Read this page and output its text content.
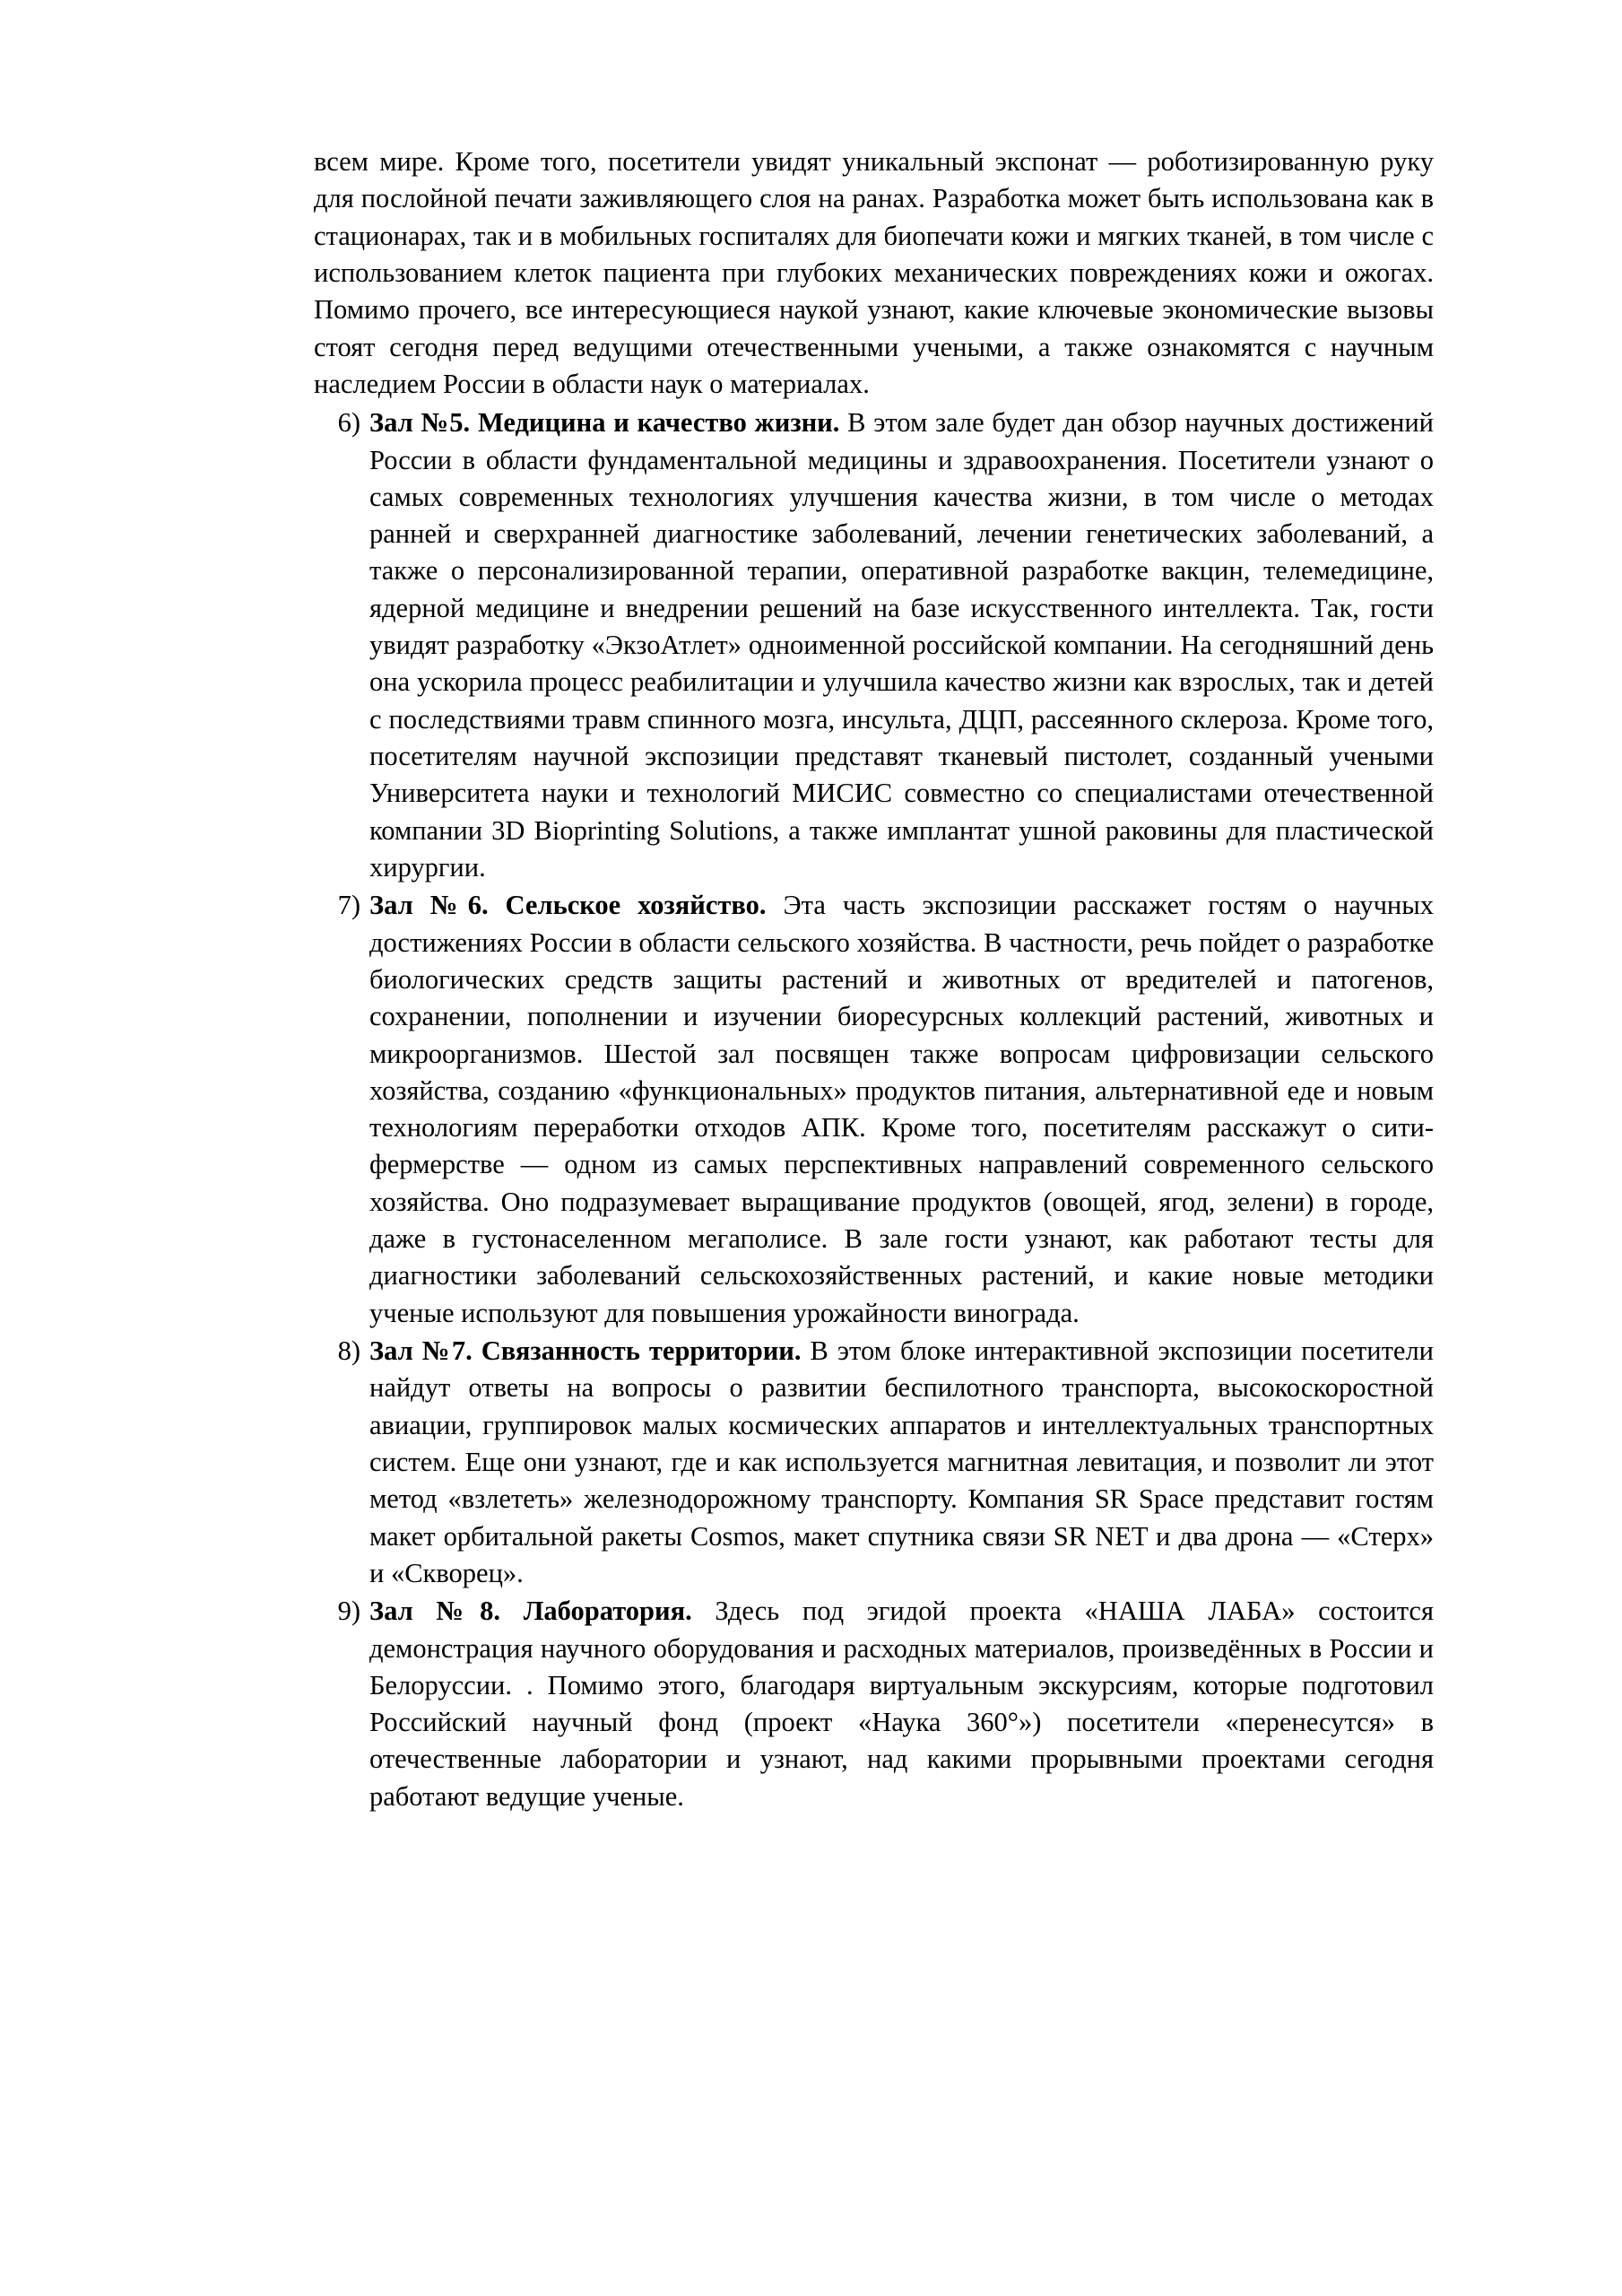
всем мире. Кроме того, посетители увидят уникальный экспонат — роботизированную руку для послойной печати заживляющего слоя на ранах. Разработка может быть использована как в стационарах, так и в мобильных госпиталях для биопечати кожи и мягких тканей, в том числе с использованием клеток пациента при глубоких механических повреждениях кожи и ожогах. Помимо прочего, все интересующиеся наукой узнают, какие ключевые экономические вызовы стоят сегодня перед ведущими отечественными учеными, а также ознакомятся с научным наследием России в области наук о материалах.

6) Зал №5. Медицина и качество жизни. В этом зале будет дан обзор научных достижений России в области фундаментальной медицины и здравоохранения. Посетители узнают о самых современных технологиях улучшения качества жизни, в том числе о методах ранней и сверхранней диагностике заболеваний, лечении генетических заболеваний, а также о персонализированной терапии, оперативной разработке вакцин, телемедицине, ядерной медицине и внедрении решений на базе искусственного интеллекта. Так, гости увидят разработку «ЭкзоАтлет» одноименной российской компании. На сегодняшний день она ускорила процесс реабилитации и улучшила качество жизни как взрослых, так и детей с последствиями травм спинного мозга, инсульта, ДЦП, рассеянного склероза. Кроме того, посетителям научной экспозиции представят тканевый пистолет, созданный учеными Университета науки и технологий МИСИС совместно со специалистами отечественной компании 3D Bioprinting Solutions, а также имплантат ушной раковины для пластической хирургии.
7) Зал №6. Сельское хозяйство. Эта часть экспозиции расскажет гостям о научных достижениях России в области сельского хозяйства. В частности, речь пойдет о разработке биологических средств защиты растений и животных от вредителей и патогенов, сохранении, пополнении и изучении биоресурсных коллекций растений, животных и микроорганизмов. Шестой зал посвящен также вопросам цифровизации сельского хозяйства, созданию «функциональных» продуктов питания, альтернативной еде и новым технологиям переработки отходов АПК. Кроме того, посетителям расскажут о сити-фермерстве — одном из самых перспективных направлений современного сельского хозяйства. Оно подразумевает выращивание продуктов (овощей, ягод, зелени) в городе, даже в густонаселенном мегаполисе. В зале гости узнают, как работают тесты для диагностики заболеваний сельскохозяйственных растений, и какие новые методики ученые используют для повышения урожайности винограда.
8) Зал №7. Связанность территории. В этом блоке интерактивной экспозиции посетители найдут ответы на вопросы о развитии беспилотного транспорта, высокоскоростной авиации, группировок малых космических аппаратов и интеллектуальных транспортных систем. Еще они узнают, где и как используется магнитная левитация, и позволит ли этот метод «взлететь» железнодорожному транспорту. Компания SR Space представит гостям макет орбитальной ракеты Cosmos, макет спутника связи SR NET и два дрона — «Стерх» и «Скворец».
9) Зал №8. Лаборатория. Здесь под эгидой проекта «НАША ЛАБА» состоится демонстрация научного оборудования и расходных материалов, произведённых в России и Белоруссии. . Помимо этого, благодаря виртуальным экскурсиям, которые подготовил Российский научный фонд (проект «Наука 360°») посетители «перенесутся» в отечественные лаборатории и узнают, над какими прорывными проектами сегодня работают ведущие ученые.
